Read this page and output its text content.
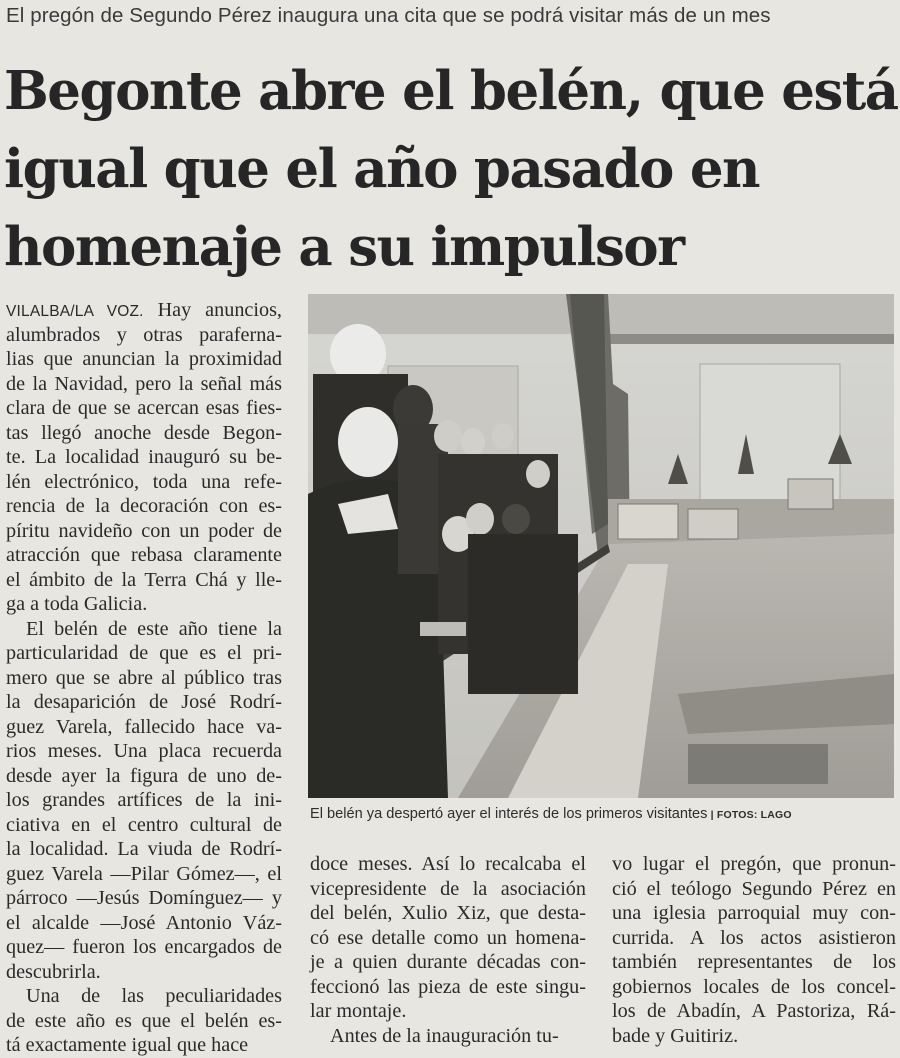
El pregón de Segundo Pérez inaugura una cita que se podrá visitar más de un mes
Begonte abre el belén, que está
igual que el año pasado en
homenaje a su impulsor
VILALBA/LA VOZ. Hay anuncios,
alumbrados y otras paraferna-
lias que anuncian la proximidad
de la Navidad, pero la señal más
clara de que se acercan esas fies-
tas llegó anoche desde Begon-
te. La localidad inauguró su be-
lén electrónico, toda una refe-
rencia de la decoración con es-
píritu navideño con un poder de
atracción que rebasa claramente
el ámbito de la Terra Chá y lle-
ga a toda Galicia.
El belén de este año tiene la
particularidad de que es el pri-
mero que se abre al público tras
la desaparición de José Rodrí-
guez Varela, fallecido hace va-
rios meses. Una placa recuerda
desde ayer la figura de uno de-
los grandes artífices de la ini-
ciativa en el centro cultural de
la localidad. La viuda de Rodrí-
guez Varela —Pilar Gómez—, el
párroco —Jesús Domínguez— y
el alcalde —José Antonio Váz-
quez— fueron los encargados de
descubrirla.
Una de las peculiaridades
de este año es que el belén es-
tá exactamente igual que hace
El belén ya despertó ayer el interés de los primeros visitantes | FOTOS: LAGO
doce meses. Así lo recalcaba el
vicepresidente de la asociación
del belén, Xulio Xiz, que desta-
có ese detalle como un homena-
je a quien durante décadas con-
feccionó las pieza de este singu-
lar montaje.
Antes de la inauguración tu-
vo lugar el pregón, que pronun-
ció el teólogo Segundo Pérez en
una iglesia parroquial muy con-
currida. A los actos asistieron
también representantes de los
gobiernos locales de los concel-
los de Abadín, A Pastoriza, Rá-
bade y Guitiriz.
